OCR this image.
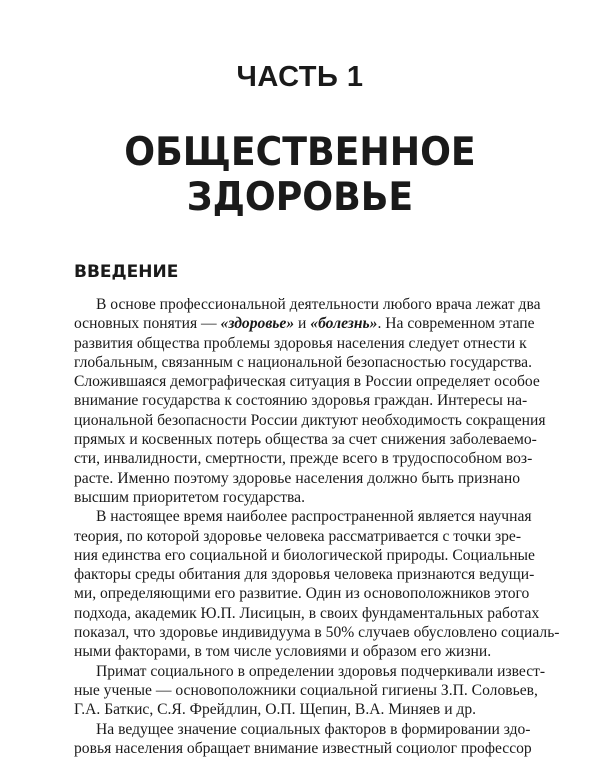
ЧАСТЬ 1
ОБЩЕСТВЕННОЕ ЗДОРОВЬЕ
ВВЕДЕНИЕ
В основе профессиональной деятельности любого врача лежат два
основных понятия — «здоровье» и «болезнь». На современном этапе
развития общества проблемы здоровья населения следует отнести к
глобальным, связанным с национальной безопасностью государства.
Сложившаяся демографическая ситуация в России определяет особое
внимание государства к состоянию здоровья граждан. Интересы на-
циональной безопасности России диктуют необходимость сокращения
прямых и косвенных потерь общества за счет снижения заболеваемо-
сти, инвалидности, смертности, прежде всего в трудоспособном воз-
расте. Именно поэтому здоровье населения должно быть признано
высшим приоритетом государства.
В настоящее время наиболее распространенной является научная
теория, по которой здоровье человека рассматривается с точки зре-
ния единства его социальной и биологической природы. Социальные
факторы среды обитания для здоровья человека признаются ведущи-
ми, определяющими его развитие. Один из основоположников этого
подхода, академик Ю.П. Лисицын, в своих фундаментальных работах
показал, что здоровье индивидуума в 50% случаев обусловлено социаль-
ными факторами, в том числе условиями и образом его жизни.
Примат социального в определении здоровья подчеркивали извест-
ные ученые — основоположники социальной гигиены З.П. Соловьев,
Г.А. Баткис, С.Я. Фрейдлин, О.П. Щепин, В.А. Миняев и др.
На ведущее значение социальных факторов в формировании здо-
ровья населения обращает внимание известный социолог профессор
